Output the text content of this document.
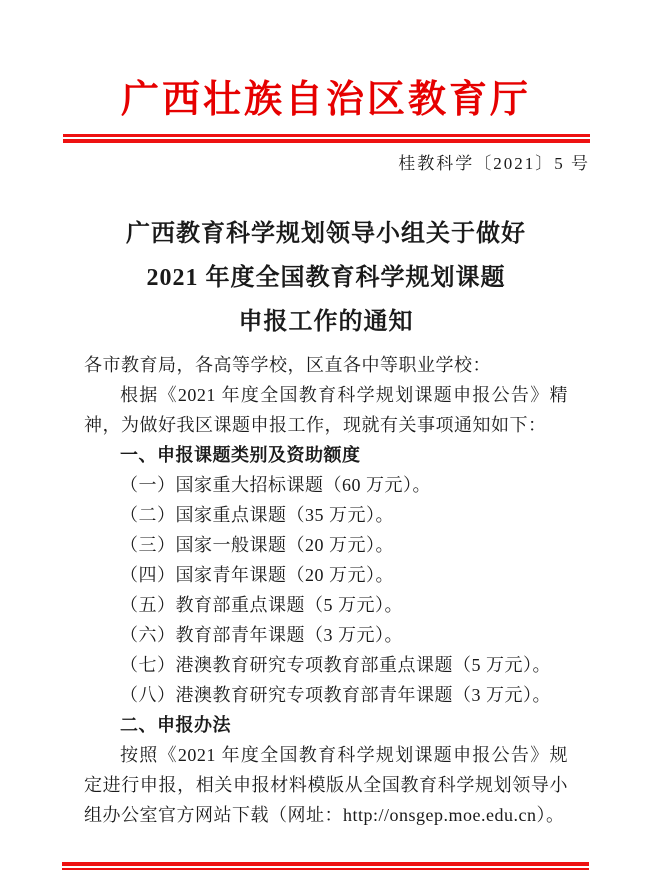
广西壮族自治区教育厅
桂教科学〔2021〕5 号
广西教育科学规划领导小组关于做好
2021 年度全国教育科学规划课题
申报工作的通知

各市教育局，各高等学校，区直各中等职业学校：

根据《2021 年度全国教育科学规划课题申报公告》精神，为做好我区课题申报工作，现就有关事项通知如下：

一、申报课题类别及资助额度

（一）国家重大招标课题（60 万元）。
（二）国家重点课题（35 万元）。
（三）国家一般课题（20 万元）。
（四）国家青年课题（20 万元）。
（五）教育部重点课题（5 万元）。
（六）教育部青年课题（3 万元）。
（七）港澳教育研究专项教育部重点课题（5 万元）。
（八）港澳教育研究专项教育部青年课题（3 万元）。

二、申报办法

按照《2021 年度全国教育科学规划课题申报公告》规定进行申报，相关申报材料模版从全国教育科学规划领导小组办公室官方网站下载（网址：http://onsgep.moe.edu.cn）。
